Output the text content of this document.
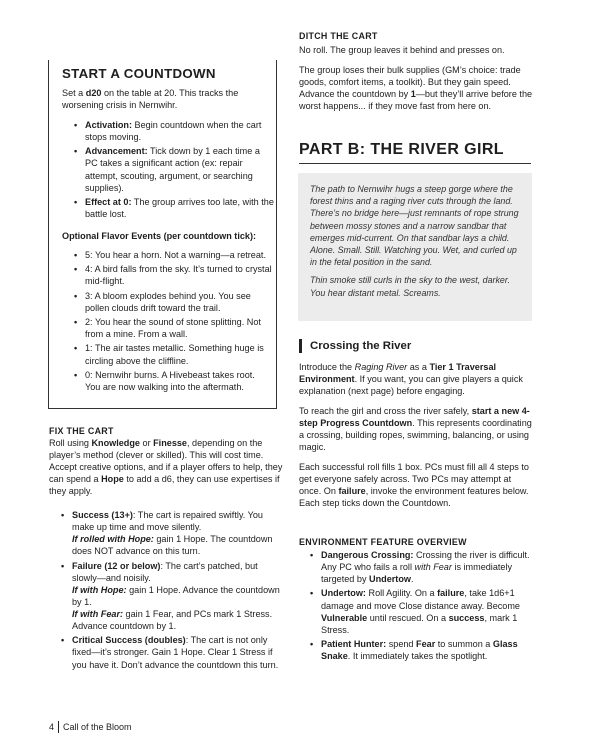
START A COUNTDOWN

Set a d20 on the table at 20. This tracks the worsening crisis in Nernwihr.

• Activation: Begin countdown when the cart stops moving.
• Advancement: Tick down by 1 each time a PC takes a significant action (ex: repair attempt, scouting, argument, or searching supplies).
• Effect at 0: The group arrives too late, with the battle lost.

Optional Flavor Events (per countdown tick):

• 5: You hear a horn. Not a warning—a retreat.
• 4: A bird falls from the sky. It’s turned to crystal mid-flight.
• 3: A bloom explodes behind you. You see pollen clouds drift toward the trail.
• 2: You hear the sound of stone splitting. Not from a mine. From a wall.
• 1: The air tastes metallic. Something huge is circling above the cliffline.
• 0: Nernwihr burns. A Hivebeast takes root. You are now walking into the aftermath.

FIX THE CART

Roll using Knowledge or Finesse, depending on the player’s method (clever or skilled). This will cost time. Accept creative options, and if a player offers to help, they can spend a Hope to add a d6, they can use expertises if they apply.

• Success (13+): The cart is repaired swiftly. You make up time and move silently.
If rolled with Hope: gain 1 Hope. The countdown does NOT advance on this turn.
• Failure (12 or below): The cart’s patched, but slowly—and noisily.
If with Hope: gain 1 Hope. Advance the countdown by 1.
If with Fear: gain 1 Fear, and PCs mark 1 Stress. Advance countdown by 1.
• Critical Success (doubles): The cart is not only fixed—it’s stronger. Gain 1 Hope. Clear 1 Stress if you have it. Don’t advance the countdown this turn.

DITCH THE CART

No roll. The group leaves it behind and presses on.

The group loses their bulk supplies (GM’s choice: trade goods, comfort items, a toolkit). But they gain speed. Advance the countdown by 1—but they’ll arrive before the worst happens... if they move fast from here on.

PART B: THE RIVER GIRL

The path to Nernwihr hugs a steep gorge where the forest thins and a raging river cuts through the land. There’s no bridge here—just remnants of rope strung between mossy stones and a narrow sandbar that emerges mid-current. On that sandbar lays a child. Alone. Small. Still. Watching you. Wet, and curled up in the fetal position in the sand.

Thin smoke still curls in the sky to the west, darker. You hear distant metal. Screams.

Crossing the River

Introduce the Raging River as a Tier 1 Traversal Environment. If you want, you can give players a quick explanation (next page) before engaging.

To reach the girl and cross the river safely, start a new 4-step Progress Countdown. This represents coordinating a crossing, building ropes, swimming, balancing, or using magic.

Each successful roll fills 1 box. PCs must fill all 4 steps to get everyone safely across. Two PCs may attempt at once. On failure, invoke the environment features below. Each step ticks down the Countdown.

ENVIRONMENT FEATURE OVERVIEW

• Dangerous Crossing: Crossing the river is difficult. Any PC who fails a roll with Fear is immediately targeted by Undertow.
• Undertow: Roll Agility. On a failure, take 1d6+1 damage and move Close distance away. Become Vulnerable until rescued. On a success, mark 1 Stress.
• Patient Hunter: spend Fear to summon a Glass Snake. It immediately takes the spotlight.
4 Call of the Bloom
